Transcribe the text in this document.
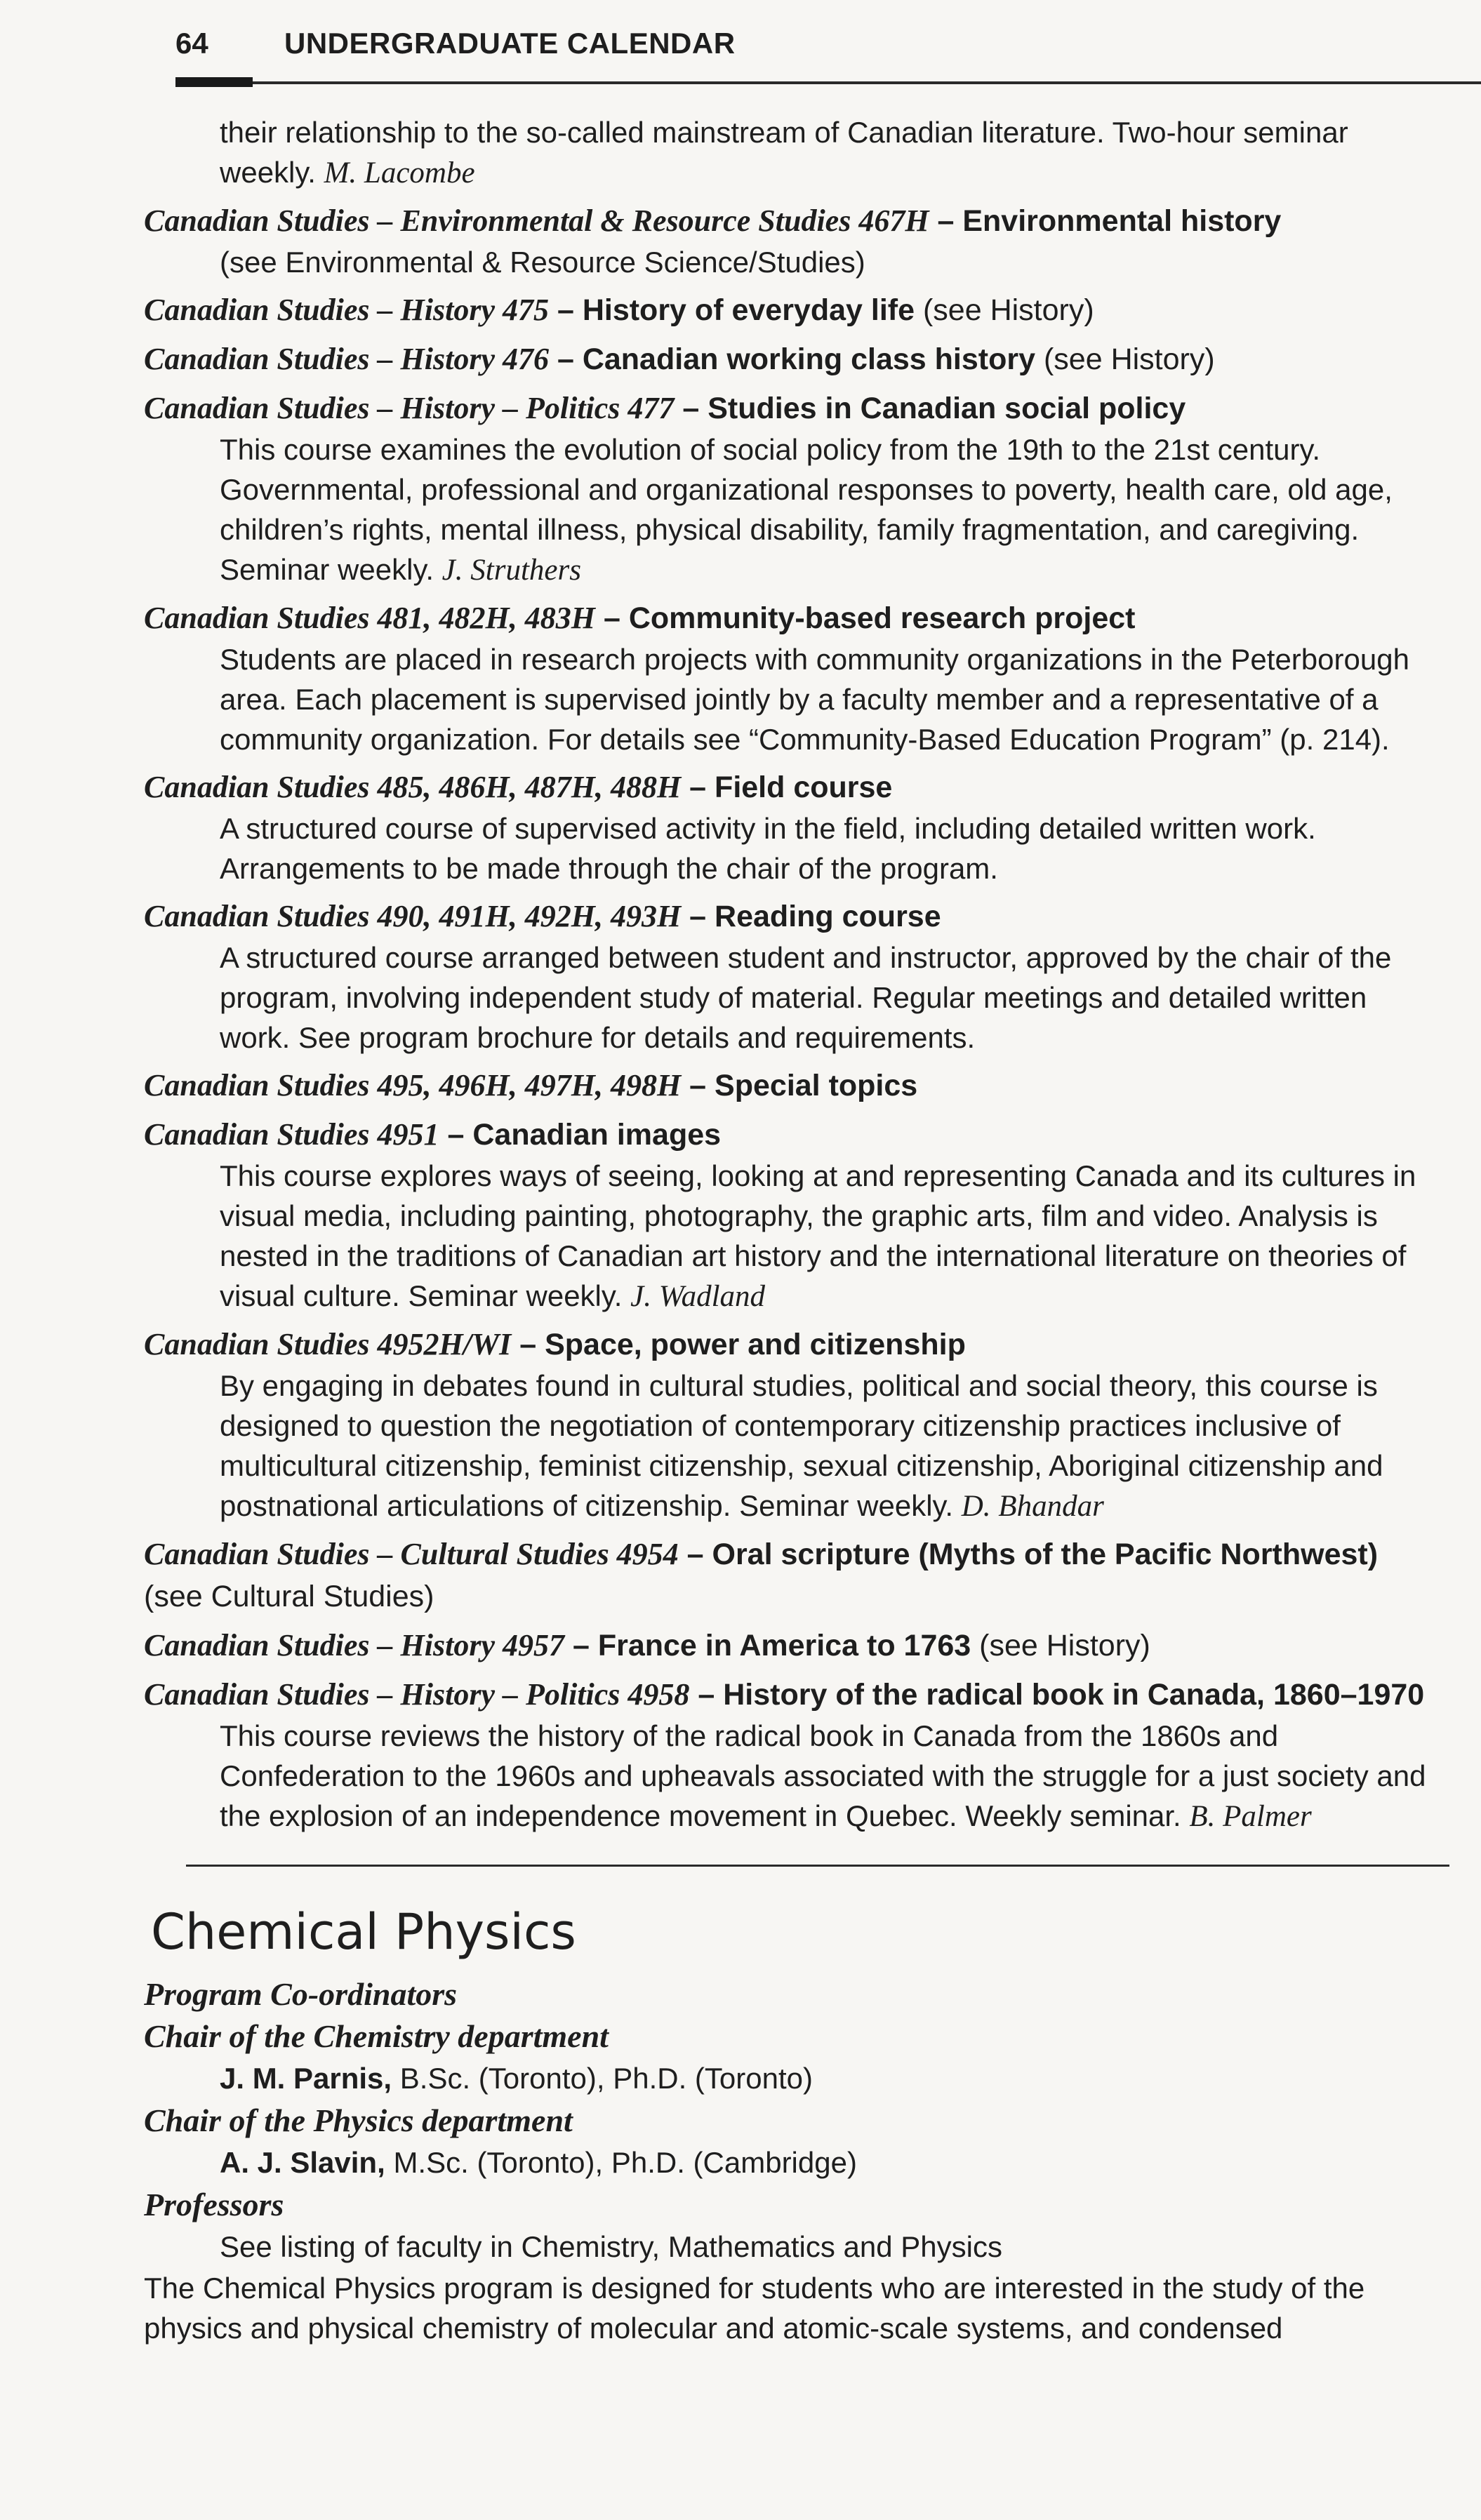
64	UNDERGRADUATE CALENDAR
their relationship to the so-called mainstream of Canadian literature. Two-hour seminar weekly. M. Lacombe
Canadian Studies – Environmental & Resource Studies 467H – Environmental history
(see Environmental & Resource Science/Studies)
Canadian Studies – History 475 – History of everyday life (see History)
Canadian Studies – History 476 – Canadian working class history (see History)
Canadian Studies – History – Politics 477 – Studies in Canadian social policy
This course examines the evolution of social policy from the 19th to the 21st century. Governmental, professional and organizational responses to poverty, health care, old age, children’s rights, mental illness, physical disability, family fragmentation, and caregiving. Seminar weekly. J. Struthers
Canadian Studies 481, 482H, 483H – Community-based research project
Students are placed in research projects with community organizations in the Peterborough area. Each placement is supervised jointly by a faculty member and a representative of a community organization. For details see “Community-Based Education Program” (p. 214).
Canadian Studies 485, 486H, 487H, 488H – Field course
A structured course of supervised activity in the field, including detailed written work. Arrangements to be made through the chair of the program.
Canadian Studies 490, 491H, 492H, 493H – Reading course
A structured course arranged between student and instructor, approved by the chair of the program, involving independent study of material. Regular meetings and detailed written work. See program brochure for details and requirements.
Canadian Studies 495, 496H, 497H, 498H – Special topics
Canadian Studies 4951 – Canadian images
This course explores ways of seeing, looking at and representing Canada and its cultures in visual media, including painting, photography, the graphic arts, film and video. Analysis is nested in the traditions of Canadian art history and the international literature on theories of visual culture. Seminar weekly. J. Wadland
Canadian Studies 4952H/WI – Space, power and citizenship
By engaging in debates found in cultural studies, political and social theory, this course is designed to question the negotiation of contemporary citizenship practices inclusive of multicultural citizenship, feminist citizenship, sexual citizenship, Aboriginal citizenship and postnational articulations of citizenship. Seminar weekly. D. Bhandar
Canadian Studies – Cultural Studies 4954 – Oral scripture (Myths of the Pacific Northwest) (see Cultural Studies)
Canadian Studies – History 4957 – France in America to 1763 (see History)
Canadian Studies – History – Politics 4958 – History of the radical book in Canada, 1860–1970
This course reviews the history of the radical book in Canada from the 1860s and Confederation to the 1960s and upheavals associated with the struggle for a just society and the explosion of an independence movement in Quebec. Weekly seminar. B. Palmer
Chemical Physics
Program Co-ordinators
Chair of the Chemistry department
J. M. Parnis, B.Sc. (Toronto), Ph.D. (Toronto)
Chair of the Physics department
A. J. Slavin, M.Sc. (Toronto), Ph.D. (Cambridge)
Professors
See listing of faculty in Chemistry, Mathematics and Physics
The Chemical Physics program is designed for students who are interested in the study of the physics and physical chemistry of molecular and atomic-scale systems, and condensed
